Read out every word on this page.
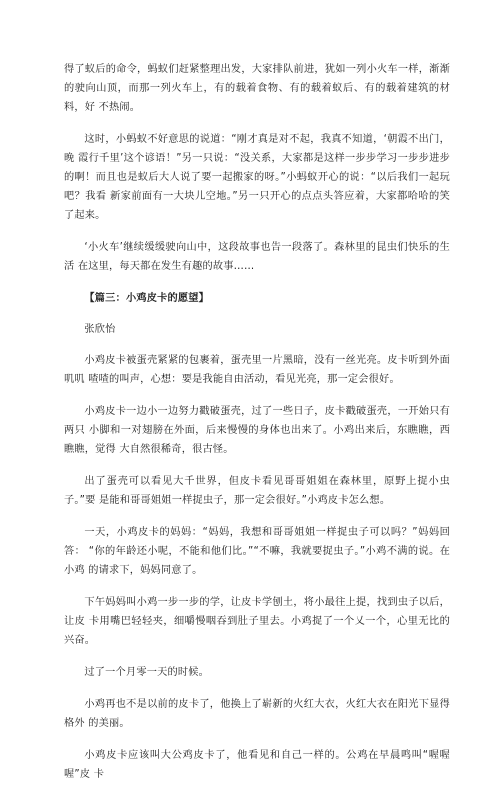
得了蚁后的命令，蚂蚁们赶紧整理出发，大家排队前进，犹如一列小火车一样，渐渐 的驶向山顶，而那一列火车上，有的载着食物、有的载着蚁后、有的载着建筑的材料，好 不热闹。

这时，小蚂蚁不好意思的说道：“刚才真是对不起，我真不知道，‘朝霞不出门，晚 霞行千里’这个谚语！”另一只说：“没关系，大家都是这样一步步学习一步步进步的啊！而且也是蚁后大人说了要一起搬家的呀。”小蚂蚁开心的说：“以后我们一起玩吧？我看 新家前面有一大块儿空地。”另一只开心的点点头答应着，大家都哈哈的笑了起来。

‘小火车’继续缓缓驶向山中，这段故事也告一段落了。森林里的昆虫们快乐的生活 在这里，每天都在发生有趣的故事……

【篇三：小鸡皮卡的愿望】

张欣怡

小鸡皮卡被蛋壳紧紧的包裹着，蛋壳里一片黑暗，没有一丝光亮。皮卡听到外面叽叽 喳喳的叫声，心想：要是我能自由活动，看见光亮，那一定会很好。

小鸡皮卡一边小一边努力戳破蛋壳，过了一些日子，皮卡戳破蛋壳，一开始只有两只 小脚和一对翅膀在外面，后来慢慢的身体也出来了。小鸡出来后，东瞧瞧，西瞧瞧，觉得 大自然很稀奇，很古怪。

出了蛋壳可以看见大千世界，但皮卡看见哥哥姐姐在森林里，原野上捉小虫子。”要 是能和哥哥姐姐一样捉虫子，那一定会很好。”小鸡皮卡怎么想。

一天，小鸡皮卡的妈妈：“妈妈，我想和哥哥姐姐一样捉虫子可以吗？”妈妈回答： “你的年龄还小呢，不能和他们比。”“不嘛，我就要捉虫子。”小鸡不满的说。在小鸡 的请求下，妈妈同意了。

下午妈妈叫小鸡一步一步的学，让皮卡学刨土，将小最往上提，找到虫子以后，让皮 卡用嘴巴轻轻夹，细嚼慢咽吞到肚子里去。小鸡捉了一个乂一个，心里无比的兴奋。

过了一个月零一天的时候。

小鸡再也不是以前的皮卡了，他换上了崭新的火红大衣，火红大衣在阳光下显得格外 的美丽。

小鸡皮卡应该叫大公鸡皮卡了，他看见和自己一样的。公鸡在早晨鸣叫“喔喔喔”皮 卡
